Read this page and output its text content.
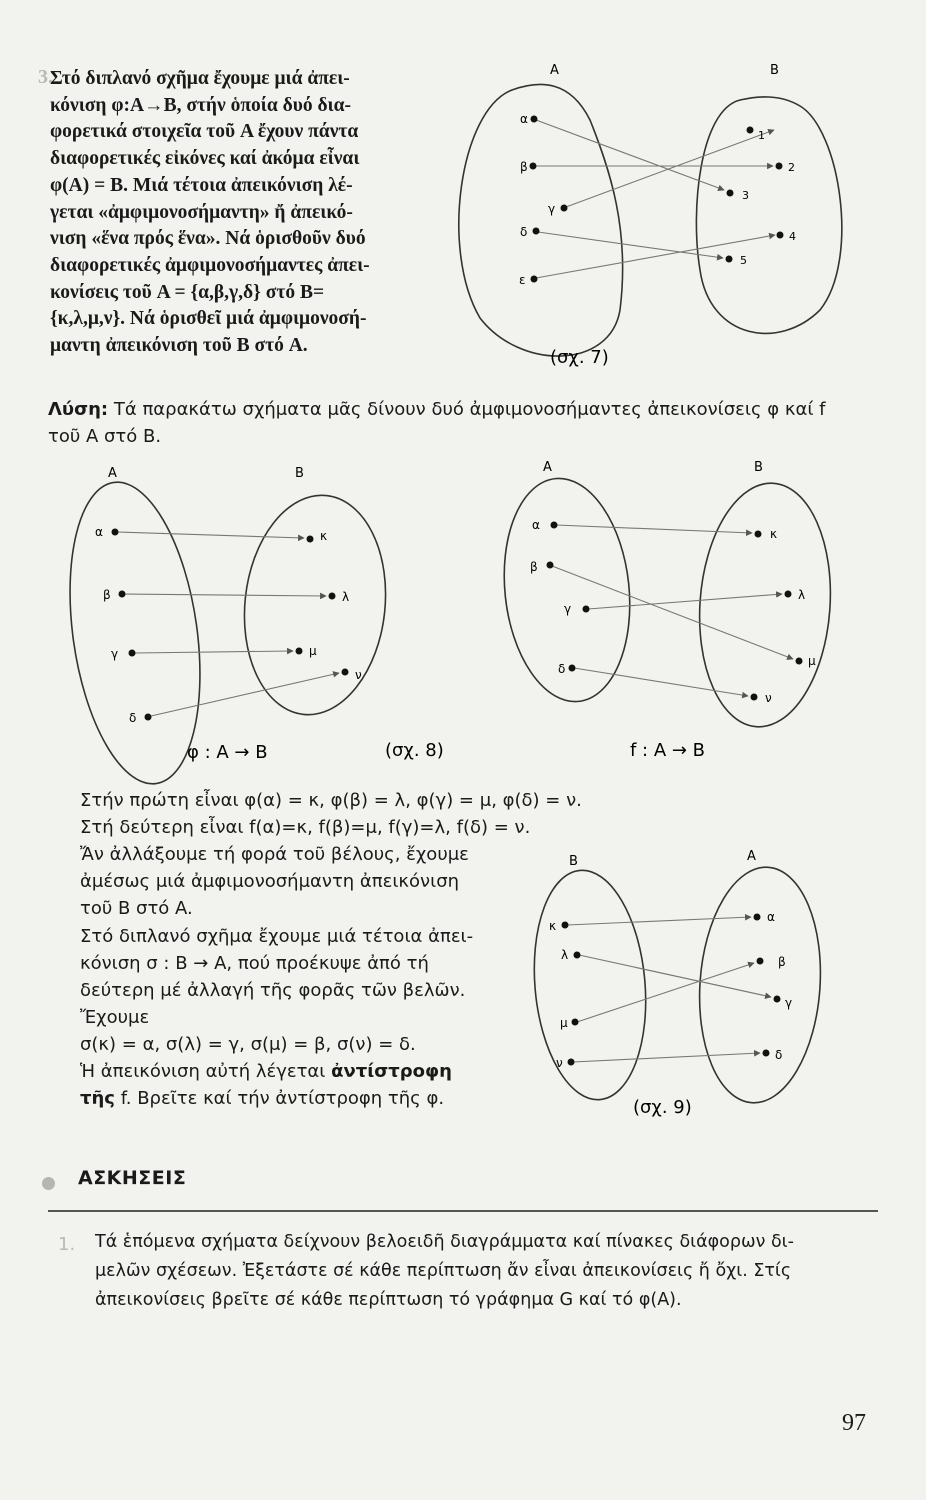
3.
Στό διπλανό σχῆμα ἔχουμε μιά ἀπει-
κόνιση φ:A→B, στήν ὁποία δυό δια-
φορετικά στοιχεῖα τοῦ A ἔχουν πάντα
διαφορετικές εἰκόνες καί ἀκόμα εἶναι
φ(A) = B. Μιά τέτοια ἀπεικόνιση λέ-
γεται «ἀμφιμονοσήμαντη» ἤ ἀπεικό-
νιση «ἕνα πρός ἕνα». Νά ὁρισθοῦν δυό
διαφορετικές ἀμφιμονοσήμαντες ἀπει-
κονίσεις τοῦ A = {α,β,γ,δ} στό B=
{κ,λ,μ,ν}. Νά ὁρισθεῖ μιά ἀμφιμονοσή-
μαντη ἀπεικόνιση τοῦ B στό A.
A	B
α
β
γ
δ
ε
1
2
3
4
5
(σχ. 7)
Λύση: Τά παρακάτω σχήματα μᾶς δίνουν δυό ἀμφιμονοσήμαντες ἀπεικονίσεις φ καί f
τοῦ A στό B.
A	B
α
β
γ
δ
κ
λ
μ
ν
φ : A → B	(σχ. 8)
A	B
α
β
γ
δ
κ
λ
μ
ν
f : A → B
Στήν πρώτη εἶναι φ(α) = κ, φ(β) = λ, φ(γ) = μ, φ(δ) = ν.
Στή δεύτερη εἶναι f(α)=κ, f(β)=μ, f(γ)=λ, f(δ) = ν.
Ἄν ἀλλάξουμε τή φορά τοῦ βέλους, ἔχουμε
ἀμέσως μιά ἀμφιμονοσήμαντη ἀπεικόνιση
τοῦ B στό A.
Στό διπλανό σχῆμα ἔχουμε μιά τέτοια ἀπει-
κόνιση σ : B → A, πού προέκυψε ἀπό τή
δεύτερη μέ ἀλλαγή τῆς φορᾶς τῶν βελῶν.
Ἔχουμε
σ(κ) = α, σ(λ) = γ, σ(μ) = β, σ(ν) = δ.
Ἡ ἀπεικόνιση αὐτή λέγεται ἀντίστροφη
τῆς f. Βρεῖτε καί τήν ἀντίστροφη τῆς φ.
B	A
κ
λ
μ
ν
α
β
γ
δ
(σχ. 9)
ΑΣΚΗΣΕΙΣ
1. Τά ἑπόμενα σχήματα δείχνουν βελοειδῆ διαγράμματα καί πίνακες διάφορων δι-
μελῶν σχέσεων. Ἐξετάστε σέ κάθε περίπτωση ἄν εἶναι ἀπεικονίσεις ἤ ὄχι. Στίς
ἀπεικονίσεις βρεῖτε σέ κάθε περίπτωση τό γράφημα G καί τό φ(A).
97
